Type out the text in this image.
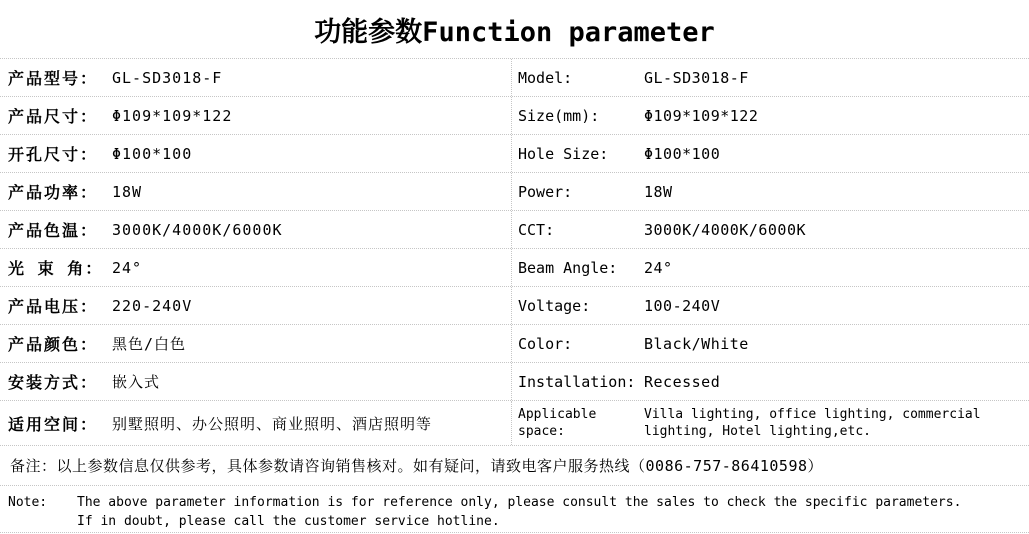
功能参数Function parameter
产品型号： GL-SD3018-F	Model:	GL-SD3018-F
产品尺寸： Φ109*109*122	Size(mm):	Φ109*109*122
开孔尺寸： Φ100*100	Hole Size:	Φ100*100
产品功率： 18W	Power:	18W
产品色温： 3000K/4000K/6000K	CCT:	3000K/4000K/6000K
光 束 角： 24°	Beam Angle:	24°
产品电压： 220-240V	Voltage:	100-240V
产品颜色： 黑色/白色	Color:	Black/White
安装方式： 嵌入式	Installation: Recessed
适用空间： 别墅照明、办公照明、商业照明、酒店照明等	Applicable space:
Villa lighting, office lighting, commercial lighting, Hotel lighting,etc.
备注：以上参数信息仅供参考，具体参数请咨询销售核对。如有疑问，请致电客户服务热线（0086-757-86410598）
Note:	The above parameter information is for reference only, please consult the sales to check the specific parameters.
If in doubt, please call the customer service hotline.
